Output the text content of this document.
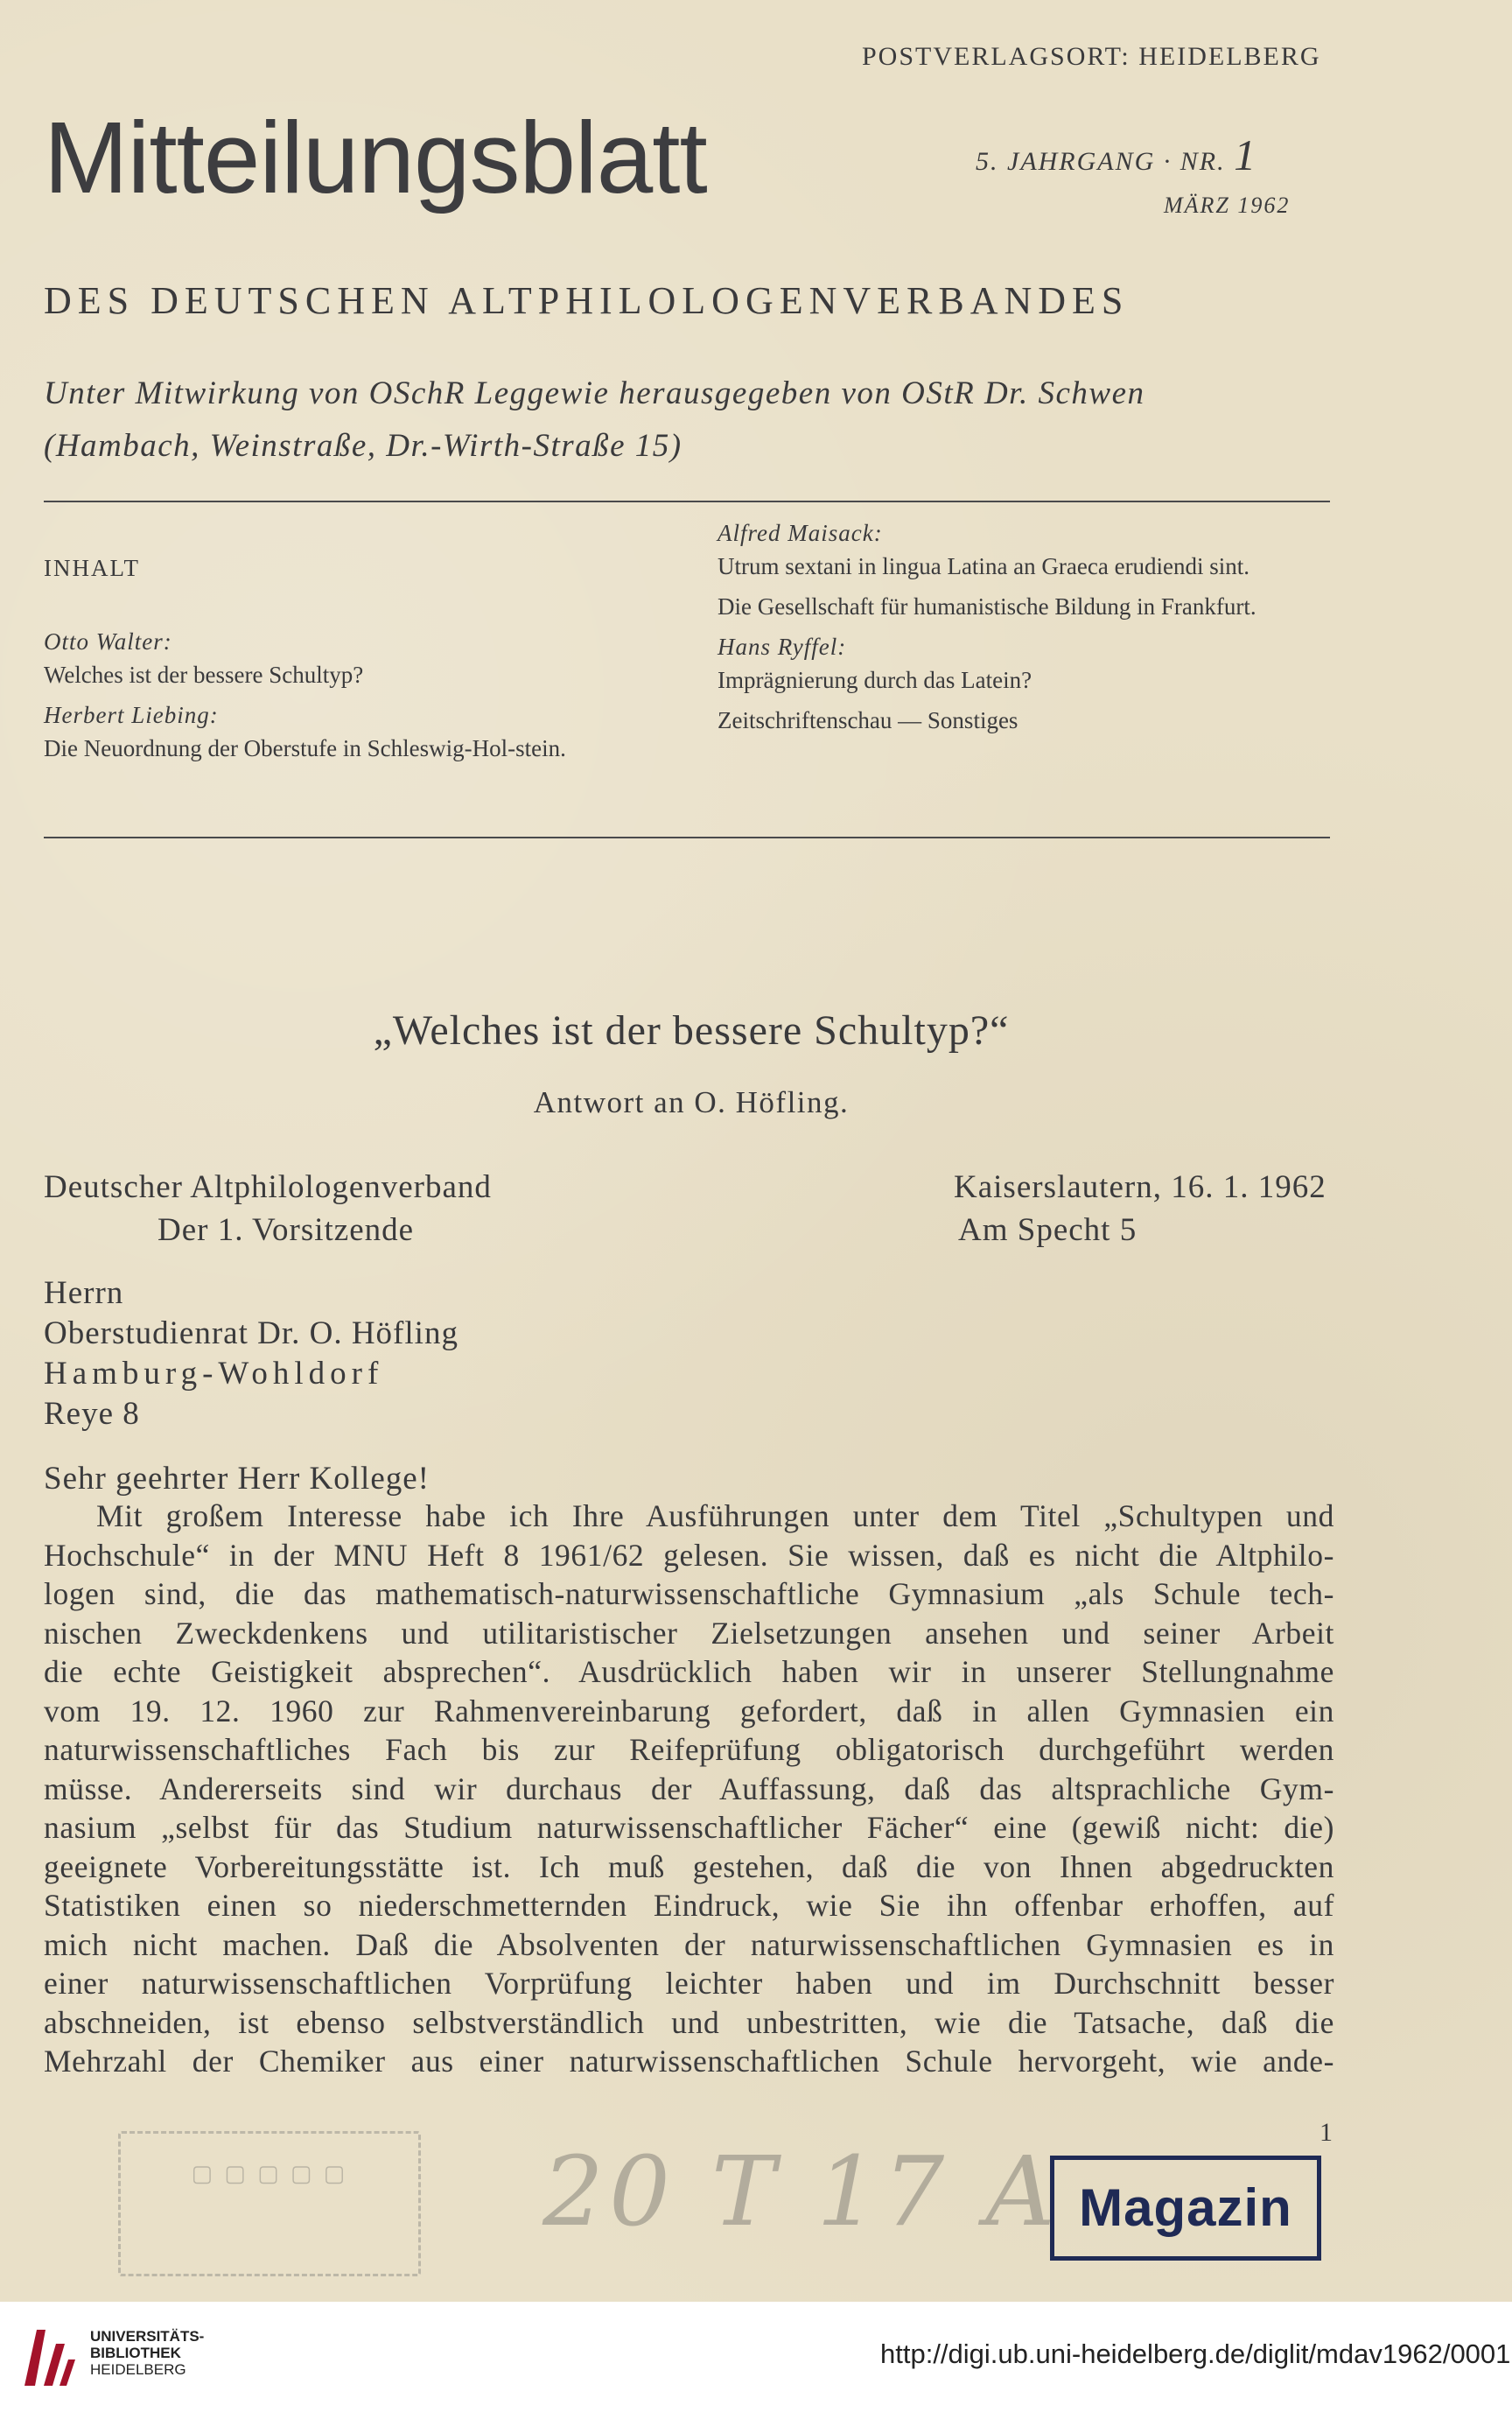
POSTVERLAGSORT: HEIDELBERG
Mitteilungsblatt	5. JAHRGANG · NR. 1
MÄRZ 1962
DES DEUTSCHEN ALTPHILOLOGENVERBANDES
Unter Mitwirkung von OSchR Leggewie herausgegeben von OStR Dr. Schwen
(Hambach, Weinstraße, Dr.-Wirth-Straße 15)
INHALT
Otto Walter:
Welches ist der bessere Schultyp?
Herbert Liebing:
Die Neuordnung der Oberstufe in Schleswig-Hol-stein.
Alfred Maisack:
Utrum sextani in lingua Latina an Graeca erudiendi sint.
Die Gesellschaft für humanistische Bildung in Frankfurt.
Hans Ryffel:
Imprägnierung durch das Latein?
Zeitschriftenschau — Sonstiges
„Welches ist der bessere Schultyp?“
Antwort an O. Höfling.
Deutscher Altphilologenverband
Der 1. Vorsitzende
Kaiserslautern, 16. 1. 1962
Am Specht 5
Herrn
Oberstudienrat Dr. O. Höfling
Hamburg-Wohldorf
Reye 8
Sehr geehrter Herr Kollege!
Mit großem Interesse habe ich Ihre Ausführungen unter dem Titel „Schultypen und
Hochschule“ in der MNU Heft 8 1961/62 gelesen. Sie wissen, daß es nicht die Altphilo-
logen sind, die das mathematisch-naturwissenschaftliche Gymnasium „als Schule tech-
nischen Zweckdenkens und utilitaristischer Zielsetzungen ansehen und seiner Arbeit
die echte Geistigkeit absprechen“. Ausdrücklich haben wir in unserer Stellungnahme
vom 19. 12. 1960 zur Rahmenvereinbarung gefordert, daß in allen Gymnasien ein
naturwissenschaftliches Fach bis zur Reifeprüfung obligatorisch durchgeführt werden
müsse. Andererseits sind wir durchaus der Auffassung, daß das altsprachliche Gym-
nasium „selbst für das Studium naturwissenschaftlicher Fächer“ eine (gewiß nicht: die)
geeignete Vorbereitungsstätte ist. Ich muß gestehen, daß die von Ihnen abgedruckten
Statistiken einen so niederschmetternden Eindruck, wie Sie ihn offenbar erhoffen, auf
mich nicht machen. Daß die Absolventen der naturwissenschaftlichen Gymnasien es in
einer naturwissenschaftlichen Vorprüfung leichter haben und im Durchschnitt besser
abschneiden, ist ebenso selbstverständlich und unbestritten, wie die Tatsache, daß die
Mehrzahl der Chemiker aus einer naturwissenschaftlichen Schule hervorgeht, wie ande-
1
▢ ▢ ▢ ▢ ▢	20 T 17 A Magazin
UNIVERSITÄTS-
BIBLIOTHEK
HEIDELBERG
http://digi.ub.uni-heidelberg.de/diglit/mdav1962/0001
